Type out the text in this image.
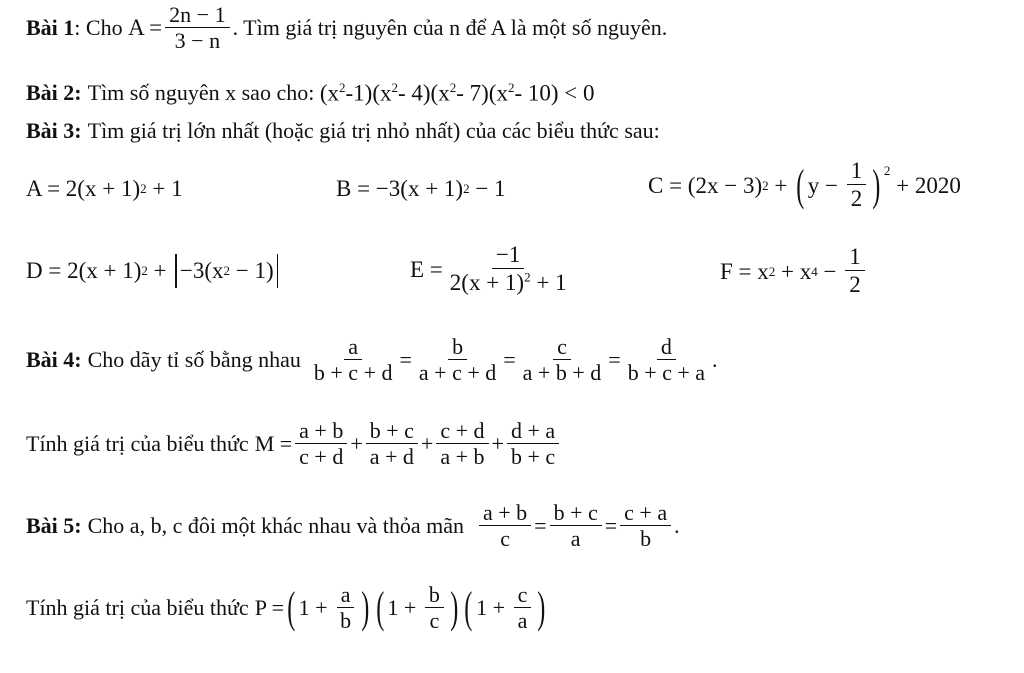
Bài 1 : Cho $A = \frac{2n - 1}{3 - n}$ . Tìm giá trị nguyên của n để A là một số nguyên.
Bài 2: Tìm số nguyên x sao cho: $(x^2-1)(x^2-$ $4)(x^2-$ $7)(x^2-$ 10) < 0
Bài 3: Tìm giá trị lớn nhất (hoặc giá trị nhỏ nhất) của các biểu thức sau:
A = 2(x + 1) 2 + 1	B = −3(x + 1) 2 − 1	C = (2x − 3) 2 + ( $y - \frac{1}{2}$ ) $^2$
+ 2020
D = 2(x + 1) 2 + −3(x 2 − 1)	$E = \frac{-1}{2(x + 1)^2 + 1}$	F = x 2 + x $4 - \frac{1}{2}$
Bài 4: Cho dãy tỉ số bằng nhau $\frac{a}{b + c + d} = \frac{b}{a + c + d} = \frac{c}{a + b + d} = \frac{d}{b + c + a}$ .
Tính giá trị của biểu thức $M = \frac{a + b}{c + d} + \frac{b + c}{a + d} + \frac{c + d}{a + b} + \frac{d + a}{b + c}$
Bài 5: Cho a, b, c đôi một khác nhau và thỏa mãn $\frac{a + b}{c} = \frac{b + c}{a} = \frac{c + a}{b}$ .
Tính giá trị của biểu thức P = ( $1 + \frac{a}{b}$ ) ( $1 + \frac{b}{c}$ ) ( $1 + \frac{c}{a}$ )
